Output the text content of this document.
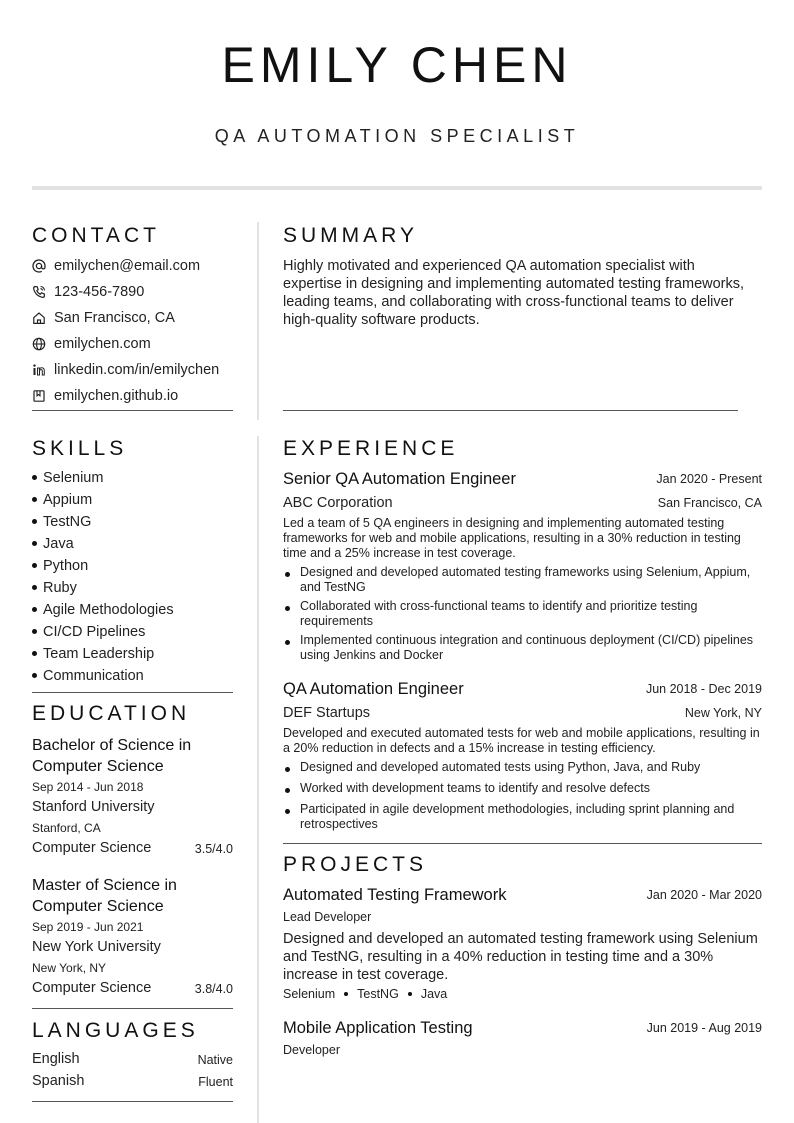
EMILY CHEN
QA AUTOMATION SPECIALIST
CONTACT
emilychen@email.com
123-456-7890
San Francisco, CA
emilychen.com
linkedin.com/in/emilychen
emilychen.github.io
SUMMARY
Highly motivated and experienced QA automation specialist with expertise in designing and implementing automated testing frameworks, leading teams, and collaborating with cross-functional teams to deliver high-quality software products.
SKILLS
Selenium
Appium
TestNG
Java
Python
Ruby
Agile Methodologies
CI/CD Pipelines
Team Leadership
Communication
EDUCATION
Bachelor of Science in Computer Science
Sep 2014 - Jun 2018
Stanford University
Stanford, CA
Computer Science	3.5/4.0
Master of Science in Computer Science
Sep 2019 - Jun 2021
New York University
New York, NY
Computer Science	3.8/4.0
LANGUAGES
English	Native
Spanish	Fluent
EXPERIENCE
Senior QA Automation Engineer	Jan 2020 - Present
ABC Corporation	San Francisco, CA
Led a team of 5 QA engineers in designing and implementing automated testing frameworks for web and mobile applications, resulting in a 30% reduction in testing time and a 25% increase in test coverage.
Designed and developed automated testing frameworks using Selenium, Appium, and TestNG
Collaborated with cross-functional teams to identify and prioritize testing requirements
Implemented continuous integration and continuous deployment (CI/CD) pipelines using Jenkins and Docker
QA Automation Engineer	Jun 2018 - Dec 2019
DEF Startups	New York, NY
Developed and executed automated tests for web and mobile applications, resulting in a 20% reduction in defects and a 15% increase in testing efficiency.
Designed and developed automated tests using Python, Java, and Ruby
Worked with development teams to identify and resolve defects
Participated in agile development methodologies, including sprint planning and retrospectives
PROJECTS
Automated Testing Framework	Jan 2020 - Mar 2020
Lead Developer
Designed and developed an automated testing framework using Selenium and TestNG, resulting in a 40% reduction in testing time and a 30% increase in test coverage.
Selenium TestNG Java
Mobile Application Testing	Jun 2019 - Aug 2019
Developer
